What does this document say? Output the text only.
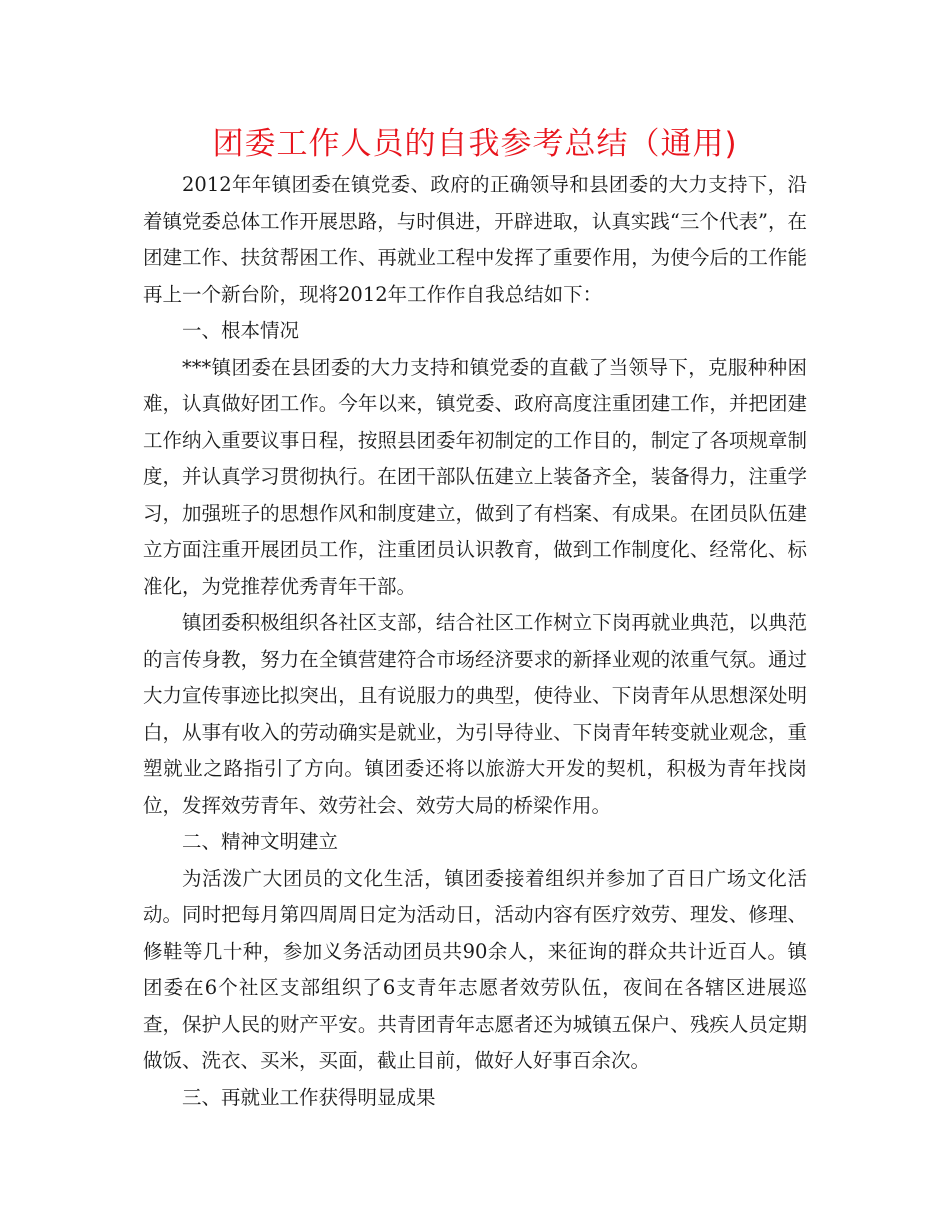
团委工作人员的自我参考总结（通用)

2012年年镇团委在镇党委、政府的正确领导和县团委的大力支持下，沿着镇党委总体工作开展思路，与时俱进，开辟进取，认真实践“三个代表”，在团建工作、扶贫帮困工作、再就业工程中发挥了重要作用，为使今后的工作能再上一个新台阶，现将2012年工作作自我总结如下：

一、根本情况

***镇团委在县团委的大力支持和镇党委的直截了当领导下，克服种种困难，认真做好团工作。今年以来，镇党委、政府高度注重团建工作，并把团建工作纳入重要议事日程，按照县团委年初制定的工作目的，制定了各项规章制度，并认真学习贯彻执行。在团干部队伍建立上装备齐全，装备得力，注重学习，加强班子的思想作风和制度建立，做到了有档案、有成果。在团员队伍建立方面注重开展团员工作，注重团员认识教育，做到工作制度化、经常化、标准化，为党推荐优秀青年干部。

镇团委积极组织各社区支部，结合社区工作树立下岗再就业典范，以典范的言传身教，努力在全镇营建符合市场经济要求的新择业观的浓重气氛。通过大力宣传事迹比拟突出，且有说服力的典型，使待业、下岗青年从思想深处明白，从事有收入的劳动确实是就业，为引导待业、下岗青年转变就业观念，重塑就业之路指引了方向。镇团委还将以旅游大开发的契机，积极为青年找岗位，发挥效劳青年、效劳社会、效劳大局的桥梁作用。

二、精神文明建立

为活泼广大团员的文化生活，镇团委接着组织并参加了百日广场文化活动。同时把每月第四周周日定为活动日，活动内容有医疗效劳、理发、修理、修鞋等几十种，参加义务活动团员共90余人，来征询的群众共计近百人。镇团委在6个社区支部组织了6支青年志愿者效劳队伍，夜间在各辖区进展巡查，保护人民的财产平安。共青团青年志愿者还为城镇五保户、残疾人员定期做饭、洗衣、买米，买面，截止目前，做好人好事百余次。

三、再就业工作获得明显成果
